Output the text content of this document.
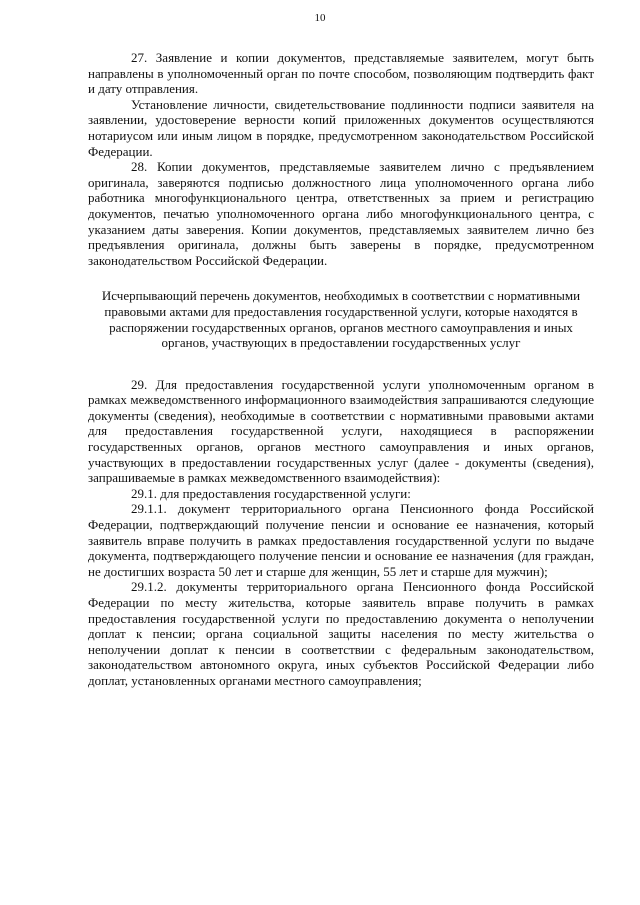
10

27. Заявление и копии документов, представляемые заявителем, могут быть направлены в уполномоченный орган по почте способом, позволяющим подтвердить факт и дату отправления.

Установление личности, свидетельствование подлинности подписи заявителя на заявлении, удостоверение верности копий приложенных документов осуществляются нотариусом или иным лицом в порядке, предусмотренном законодательством Российской Федерации.

28. Копии документов, представляемые заявителем лично с предъявлением оригинала, заверяются подписью должностного лица уполномоченного органа либо работника многофункционального центра, ответственных за прием и регистрацию документов, печатью уполномоченного органа либо многофункционального центра, с указанием даты заверения. Копии документов, представляемых заявителем лично без предъявления оригинала, должны быть заверены в порядке, предусмотренном законодательством Российской Федерации.

Исчерпывающий перечень документов, необходимых в соответствии с нормативными правовыми актами для предоставления государственной услуги, которые находятся в распоряжении государственных органов, органов местного самоуправления и иных органов, участвующих в предоставлении государственных услуг

29. Для предоставления государственной услуги уполномоченным органом в рамках межведомственного информационного взаимодействия запрашиваются следующие документы (сведения), необходимые в соответствии с нормативными правовыми актами для предоставления государственной услуги, находящиеся в распоряжении государственных органов, органов местного самоуправления и иных органов, участвующих в предоставлении государственных услуг (далее - документы (сведения), запрашиваемые в рамках межведомственного взаимодействия):

29.1. для предоставления государственной услуги:

29.1.1. документ территориального органа Пенсионного фонда Российской Федерации, подтверждающий получение пенсии и основание ее назначения, который заявитель вправе получить в рамках предоставления государственной услуги по выдаче документа, подтверждающего получение пенсии и основание ее назначения (для граждан, не достигших возраста 50 лет и старше для женщин, 55 лет и старше для мужчин);

29.1.2. документы территориального органа Пенсионного фонда Российской Федерации по месту жительства, которые заявитель вправе получить в рамках предоставления государственной услуги по предоставлению документа о неполучении доплат к пенсии; органа социальной защиты населения по месту жительства о неполучении доплат к пенсии в соответствии с федеральным законодательством, законодательством автономного округа, иных субъектов Российской Федерации либо доплат, установленных органами местного самоуправления;
